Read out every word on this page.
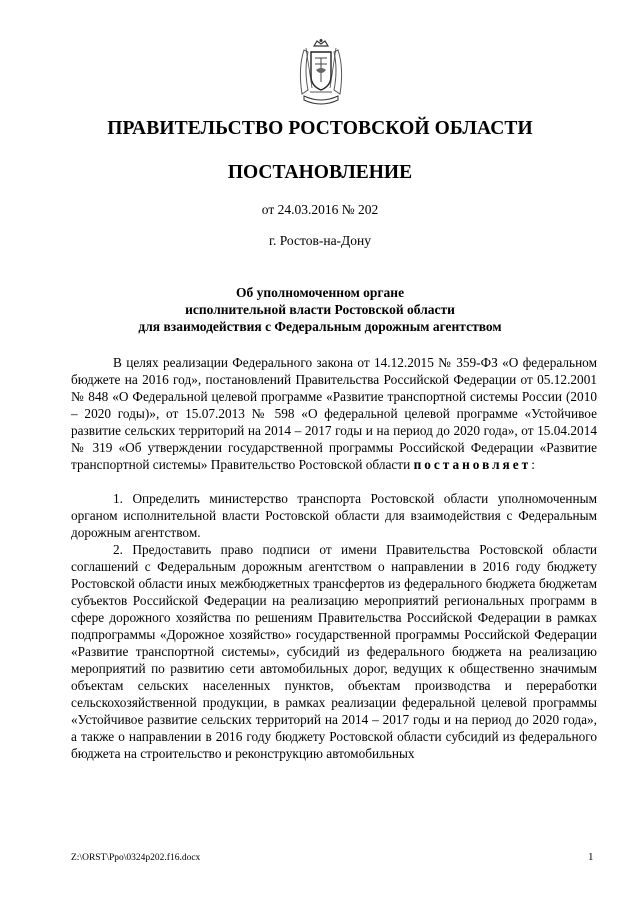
ПРАВИТЕЛЬСТВО РОСТОВСКОЙ ОБЛАСТИ
ПОСТАНОВЛЕНИЕ
от 24.03.2016 № 202
г. Ростов-на-Дону
Об уполномоченном органе
исполнительной власти Ростовской области
для взаимодействия с Федеральным дорожным агентством

В целях реализации Федерального закона от 14.12.2015 № 359-ФЗ «О федеральном бюджете на 2016 год», постановлений Правительства Российской Федерации от 05.12.2001 № 848 «О Федеральной целевой программе «Развитие транспортной системы России (2010 – 2020 годы)», от 15.07.2013 № 598 «О федеральной целевой программе «Устойчивое развитие сельских территорий на 2014 – 2017 годы и на период до 2020 года», от 15.04.2014 № 319 «Об утверждении государственной программы Российской Федерации «Развитие транспортной системы» Правительство Ростовской области постановляет:

1. Определить министерство транспорта Ростовской области уполномоченным органом исполнительной власти Ростовской области для взаимодействия с Федеральным дорожным агентством.

2. Предоставить право подписи от имени Правительства Ростовской области соглашений с Федеральным дорожным агентством о направлении в 2016 году бюджету Ростовской области иных межбюджетных трансфертов из федерального бюджета бюджетам субъектов Российской Федерации на реализацию мероприятий региональных программ в сфере дорожного хозяйства по решениям Правительства Российской Федерации в рамках подпрограммы «Дорожное хозяйство» государственной программы Российской Федерации «Развитие транспортной системы», субсидий из федерального бюджета на реализацию мероприятий по развитию сети автомобильных дорог, ведущих к общественно значимым объектам сельских населенных пунктов, объектам производства и переработки сельскохозяйственной продукции, в рамках реализации федеральной целевой программы «Устойчивое развитие сельских территорий на 2014 – 2017 годы и на период до 2020 года», а также о направлении в 2016 году бюджету Ростовской области субсидий из федерального бюджета на строительство и реконструкцию автомобильных

Z:\ORST\Ppo\0324p202.f16.docx	1
